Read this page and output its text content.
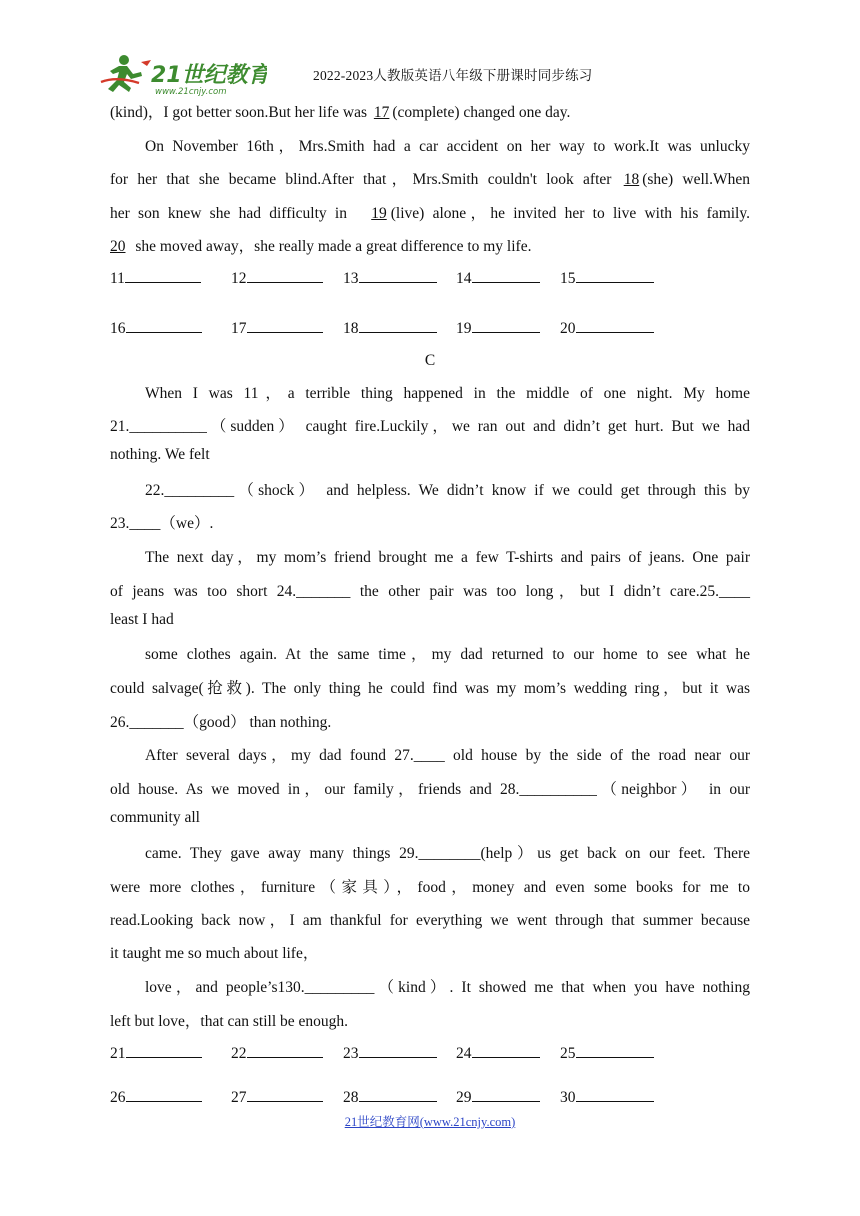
21世纪教育
www.21cnjy.com
2022-2023人教版英语八年级下册课时同步练习
(kind)，I got better soon.But her life was 17 (complete) changed one day.
On November 16th，Mrs.Smith had a car accident on her way to work.It was unlucky
for her that she became blind.After that，Mrs.Smith couldn't look after 18 (she) well.When
her son knew she had difficulty in 19 (live) alone，he invited her to live with his family.
20 she moved away，she really made a great difference to my life.
11	12	13	14	15
16	17	18	19	20
C
When I was 11，a terrible thing happened in the middle of one night. My home
21.__________（sudden） caught fire.Luckily，we ran out and didn’t get hurt. But we had
nothing. We felt
22._________（shock） and helpless. We didn’t know if we could get through this by
23.____（we）.
The next day，my mom’s friend brought me a few T-shirts and pairs of jeans. One pair
of jeans was too short 24._______ the other pair was too long，but I didn’t care.25.____
least I had
some clothes again. At the same time，my dad returned to our home to see what he
could salvage(抢救). The only thing he could find was my mom’s wedding ring，but it was
26._______（good） than nothing.
After several days，my dad found 27.____ old house by the side of the road near our
old house. As we moved in，our family，friends and 28.__________（neighbor） in our
community all
came. They gave away many things 29.________(help）us get back on our feet. There
were more clothes，furniture（家具），food，money and even some books for me to
read.Looking back now，I am thankful for everything we went through that summer because
it taught me so much about life，
love，and people’s130._________（kind）. It showed me that when you have nothing
left but love，that can still be enough.
21	22	23	24	25
26	27	28	29	30
21世纪教育网(www.21cnjy.com)
